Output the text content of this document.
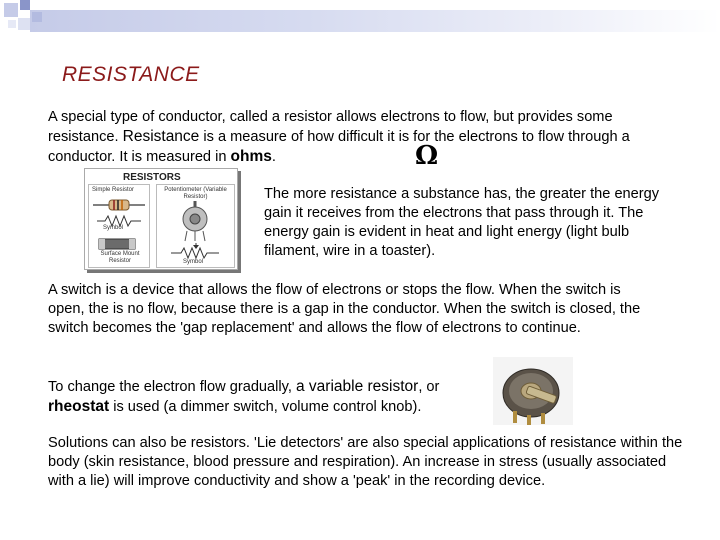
RESISTANCE

A special type of conductor, called a resistor allows electrons to flow, but provides some resistance. Resistance is a measure of how difficult it is for the electrons to flow through a conductor. It is measured in ohms.	Ω
RESISTORS
Simple Resistor
Symbol
Surface Mount Resistor
Potentiometer (Variable Resistor)
Symbol

The more resistance a substance has, the greater the energy gain it receives from the electrons that pass through it. The energy gain is evident in heat and light energy (light bulb filament, wire in a toaster).

A switch is a device that allows the flow of electrons or stops the flow. When the switch is open, the is no flow, because there is a gap in the conductor. When the switch is closed, the switch becomes the 'gap replacement' and allows the flow of electrons to continue.

To change the electron flow gradually, a variable resistor, or rheostat is used (a dimmer switch, volume control knob).

Solutions can also be resistors. 'Lie detectors' are also special applications of resistance within the body (skin resistance, blood pressure and respiration). An increase in stress (usually associated with a lie) will improve conductivity and show a 'peak' in the recording device.
